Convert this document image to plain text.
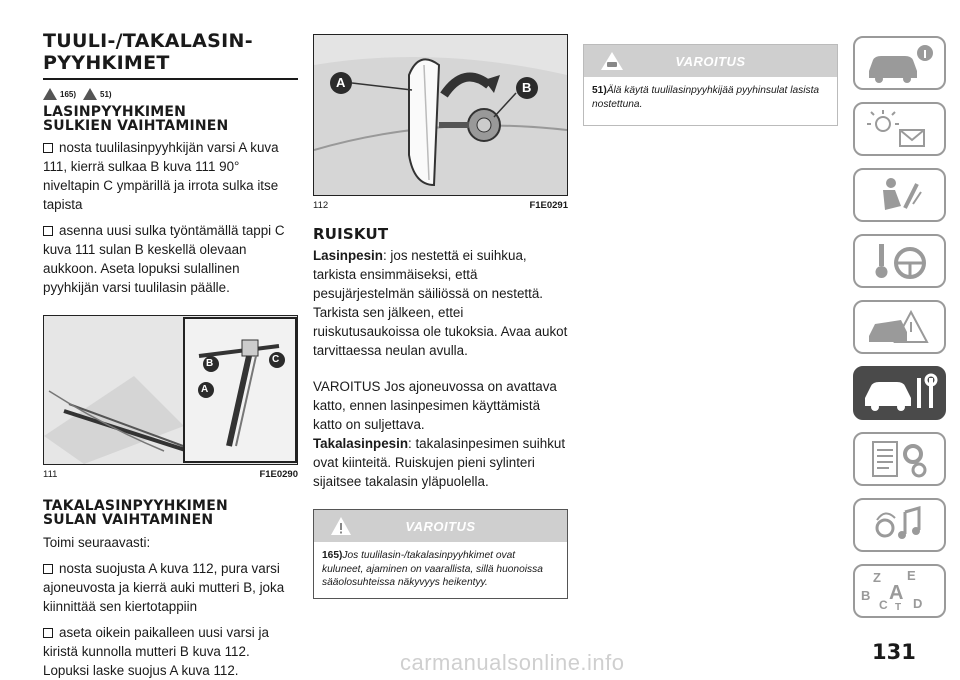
TUULI-/TAKALASIN-
PYYHKIMET
165)	51)
LASINPYYHKIMEN
SULKIEN VAIHTAMINEN

nosta tuulilasinpyyhkijän varsi A kuva 111, kierrä sulkaa B kuva 111 90° niveltapin C ympärillä ja irrota sulka itse tapista

asenna uusi sulka työntämällä tappi C kuva 111 sulan B keskellä olevaan aukkoon. Aseta lopuksi sulallinen pyyhkijän varsi tuulilasin päälle.

B
A
C
111	F1E0290
TAKALASINPYYHKIMEN
SULAN VAIHTAMINEN

Toimi seuraavasti:

nosta suojusta A kuva 112, pura varsi ajoneuvosta ja kierrä auki mutteri B, joka kiinnittää sen kiertotappiin

aseta oikein paikalleen uusi varsi ja kiristä kunnolla mutteri B kuva 112. Lopuksi laske suojus A kuva 112.

A	B
112	F1E0291
RUISKUT

Lasinpesin: jos nestettä ei suihkua, tarkista ensimmäiseksi, että pesujärjestelmän säiliössä on nestettä. Tarkista sen jälkeen, ettei ruiskutusaukoissa ole tukoksia. Avaa aukot tarvittaessa neulan avulla.

VAROITUS Jos ajoneuvossa on avattava katto, ennen lasinpesimen käyttämistä katto on suljettava.

Takalasinpesin: takalasinpesimen suihkut ovat kiinteitä. Ruiskujen pieni sylinteri sijaitsee takalasin yläpuolella.

VAROITUS
165)Jos tuulilasin-/takalasinpyyhkimet ovat kuluneet, ajaminen on vaarallista, sillä huonoissa sääolosuhteissa näkyvyys heikentyy.
VAROITUS
51)Älä käytä tuulilasinpyyhkijää pyyhinsulat lasista nostettuna.
Z E
B A
C D
T
131
carmanualsonline.info
